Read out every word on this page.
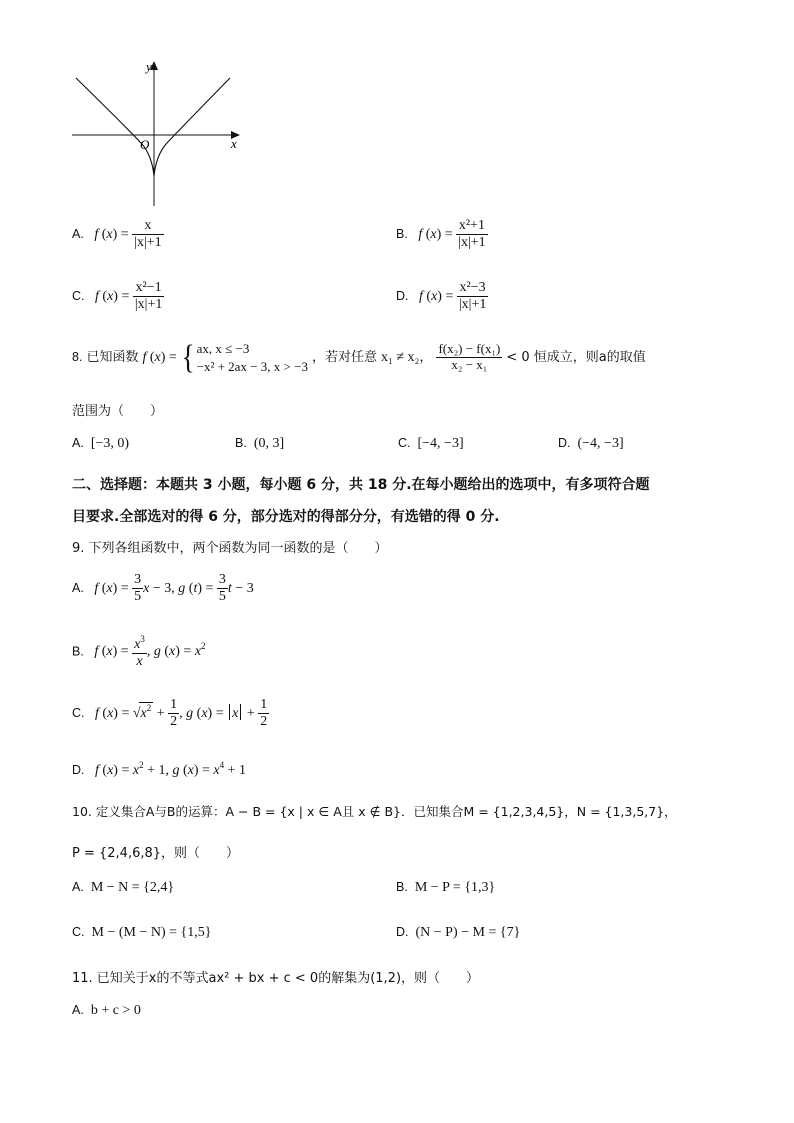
y
x
O
A. f $(x) = \frac{x}{|x|+1}$	B. f $(x) = \frac{\text{x²+1}}{|x|+1}$
C. f $(x) = \frac{\text{x²−1}}{|x|+1}$	D. f $(x) = \frac{\text{x²−3}}{|x|+1}$
8. 已知函数 f (x) = { ax, x ≤ −3
−x² + 2ax − 3, x > −3
，若对任意 x₁ ≠ x₂， $\frac{\text{f(x₂) − f(x₁)}}{\text{x₂ − x₁}} < 0$ 恒成立，则a的取值
范围为（　　）
A. [−3, 0)	B. (0, 3]	C. [−4, −3]	D. (−4, −3]
二、选择题：本题共 3 小题，每小题 6 分，共 18 分.在每小题给出的选项中，有多项符合题
目要求.全部选对的得 6 分，部分选对的得部分分，有选错的得 0 分.
9. 下列各组函数中，两个函数为同一函数的是（　　）
A. f $(x) = \frac{3}{5}$ x − 3, g $(t) = \frac{3}{5}$ t − 3
B. f $(x) = \frac{x^3}{x}$ , g $(x) = x^2$
C. f $(x) = √x^2 + \frac{1}{2}$ , g $(x) = x + \frac{1}{2}$
D. f $(x) = x^2 + 1$, g $(x) = x^4 + 1$
10. 定义集合A与B的运算：A − B = {x | x ∈ A且 x ∉ B}．已知集合M = {1,2,3,4,5}，N = {1,3,5,7}，
P = {2,4,6,8}，则（　　）
A. M − N = {2,4}	B. M − P = {1,3}
C. M − (M − N) = {1,5}	D. (N − P) − M = {7}
11. 已知关于x的不等式ax² + bx + c < 0的解集为(1,2)，则（　　）
A. b + c > 0
